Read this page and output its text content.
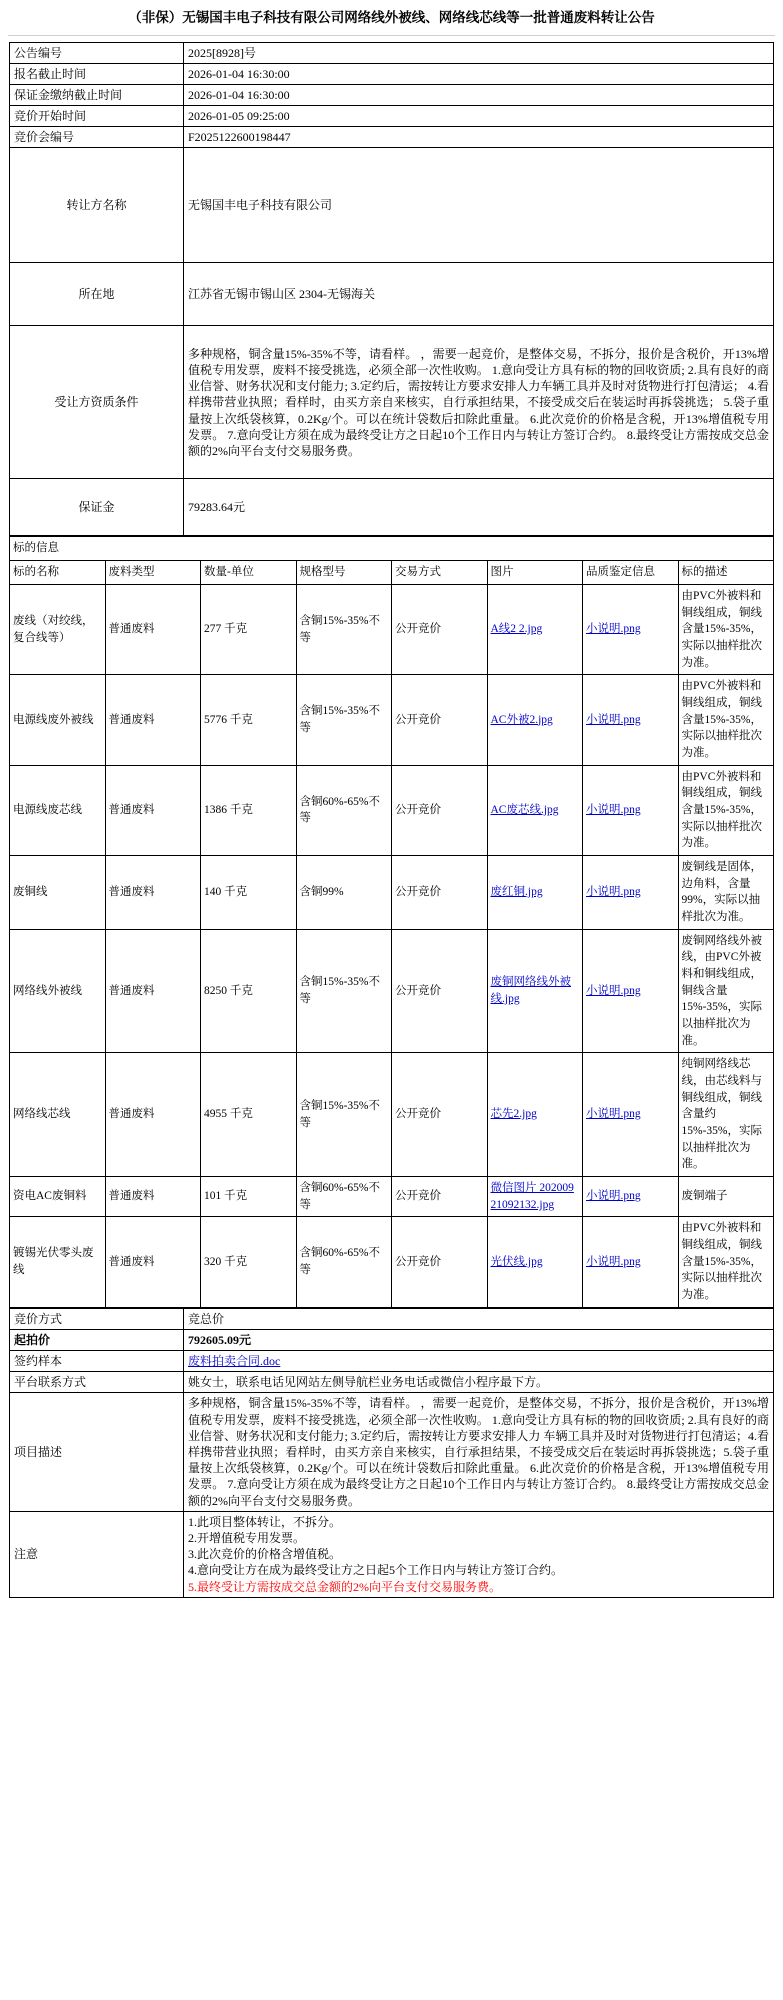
（非保）无锡国丰电子科技有限公司网络线外被线、网络线芯线等一批普通废料转让公告
公告编号	2025[8928]号
报名截止时间	2026-01-04 16:30:00
保证金缴纳截止时间	2026-01-04 16:30:00
竞价开始时间	2026-01-05 09:25:00
竞价会编号	F2025122600198447
转让方名称	无锡国丰电子科技有限公司
所在地	江苏省无锡市锡山区 2304-无锡海关
受让方资质条件	多种规格，铜含量15%-35%不等，请看样。 ，需要一起竞价，是整体交易，不拆分，报价是含税价，开13%增值税专用发票，废料不接受挑选，必须全部一次性收购。 1.意向受让方具有标的物的回收资质; 2.具有良好的商业信誉、财务状况和支付能力; 3.定约后，需按转让方要求安排人力车辆工具并及时对货物进行打包清运； 4.看样携带营业执照；看样时，由买方亲自来核实，自行承担结果，不接受成交后在装运时再拆袋挑选； 5.袋子重量按上次纸袋核算，0.2Kg/个。可以在统计袋数后扣除此重量。 6.此次竞价的价格是含税，开13%增值税专用发票。 7.意向受让方须在成为最终受让方之日起10个工作日内与转让方签订合约。 8.最终受让方需按成交总金额的2%向平台支付交易服务费。
保证金	79283.64元
标的信息							
标的名称	废料类型	数量-单位	规格型号	交易方式	图片	品质鉴定信息	标的描述
废线（对绞线，复合线等）	普通废料	277 千克	含铜15%-35%不等	公开竞价	A线2 2.jpg	小说明.png	由PVC外被料和铜线组成，铜线含量15%-35%，实际以抽样批次为准。
电源线废外被线	普通废料	5776 千克	含铜15%-35%不等	公开竞价	AC外被2.jpg	小说明.png	由PVC外被料和铜线组成，铜线含量15%-35%，实际以抽样批次为准。
电源线废芯线	普通废料	1386 千克	含铜60%-65%不等	公开竞价	AC废芯线.jpg	小说明.png	由PVC外被料和铜线组成，铜线含量15%-35%，实际以抽样批次为准。
废铜线	普通废料	140 千克	含铜99%	公开竞价	废红铜.jpg	小说明.png	废铜线是固体，边角料，含量99%，实际以抽样批次为准。
网络线外被线	普通废料	8250 千克	含铜15%-35%不等	公开竞价	废铜网络线外被线.jpg	小说明.png	废铜网络线外被线，由PVC外被料和铜线组成，铜线含量15%-35%，实际以抽样批次为准。
网络线芯线	普通废料	4955 千克	含铜15%-35%不等	公开竞价	芯先2.jpg	小说明.png	纯铜网络线芯线，由芯线料与铜线组成，铜线含量约15%-35%，实际以抽样批次为准。
资电AC废铜料	普通废料	101 千克	含铜60%-65%不等	公开竞价	微信图片 20200921092132.jpg	小说明.png	废铜端子
镀锡光伏零头废线	普通废料	320 千克	含铜60%-65%不等	公开竞价	光伏线.jpg	小说明.png	由PVC外被料和铜线组成，铜线含量15%-35%，实际以抽样批次为准。
竞价方式	竞总价
起拍价	792605.09元
签约样本	废料拍卖合同.doc
平台联系方式	姚女士，联系电话见网站左侧导航栏业务电话或微信小程序最下方。
项目描述	多种规格，铜含量15%-35%不等，请看样。 ，需要一起竞价，是整体交易，不拆分，报价是含税价，开13%增值税专用发票，废料不接受挑选，必须全部一次性收购。 1.意向受让方具有标的物的回收资质; 2.具有良好的商业信誉、财务状况和支付能力; 3.定约后，需按转让方要求安排人力 车辆工具并及时对货物进行打包清运；4.看样携带营业执照；看样时，由买方亲自来核实，自行承担结果，不接受成交后在装运时再拆袋挑选；5.袋子重量按上次纸袋核算，0.2Kg/个。可以在统计袋数后扣除此重量。 6.此次竞价的价格是含税，开13%增值税专用发票。 7.意向受让方须在成为最终受让方之日起10个工作日内与转让方签订合约。 8.最终受让方需按成交总金额的2%向平台支付交易服务费。
注意	1.此项目整体转让，不拆分。
2.开增值税专用发票。
3.此次竞价的价格含增值税。
4.意向受让方在成为最终受让方之日起5个工作日内与转让方签订合约。
5.最终受让方需按成交总金额的2%向平台支付交易服务费。
